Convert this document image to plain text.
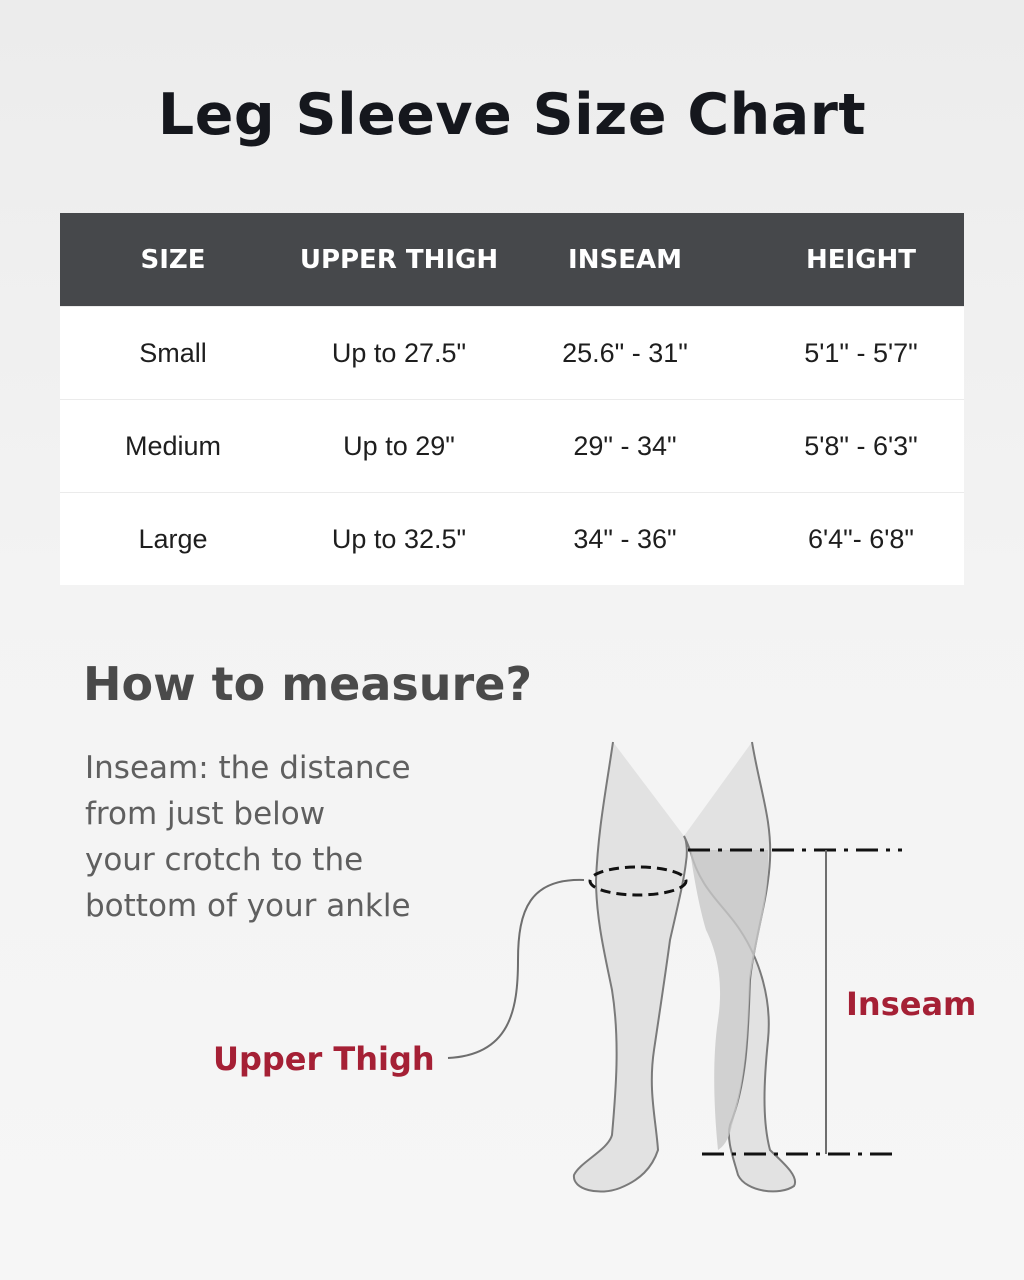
Leg Sleeve Size Chart
SIZE	UPPER THIGH	INSEAM	HEIGHT
Small	Up to 27.5"	25.6" - 31"	5'1" - 5'7"
Medium	Up to 29"	29" - 34"	5'8" - 6'3"
Large	Up to 32.5"	34" - 36"	6'4"- 6'8"
How to measure?
Inseam: the distance
from just below
your crotch to the
bottom of your ankle

Upper Thigh

Inseam
